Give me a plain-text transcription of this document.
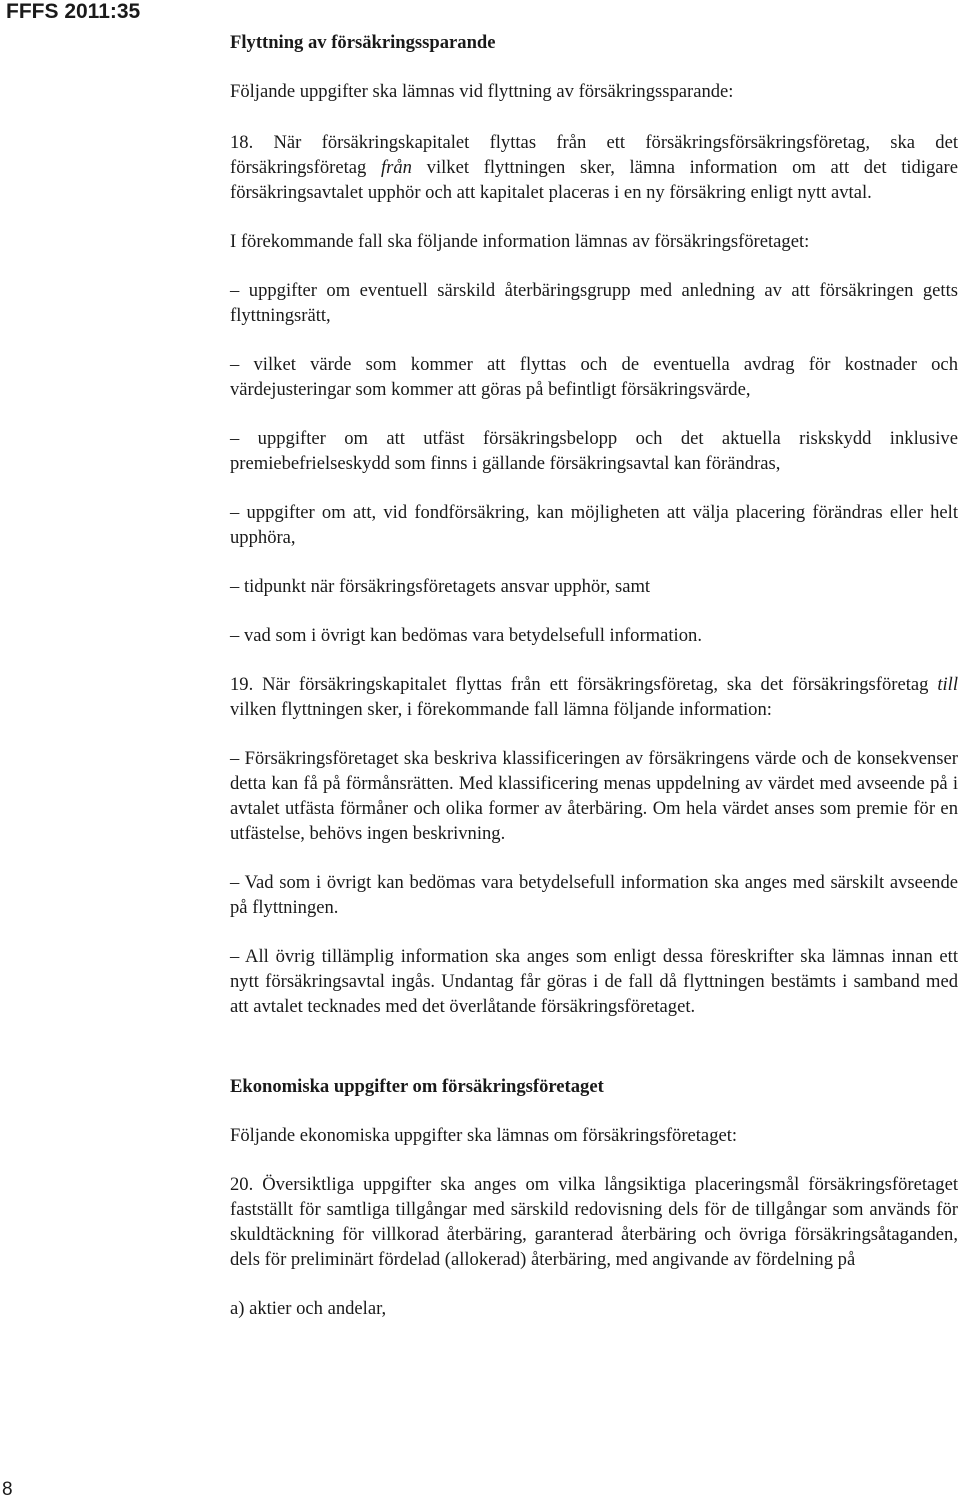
FFFS 2011:35

Flyttning av försäkringssparande

Följande uppgifter ska lämnas vid flyttning av försäkringssparande:

18. När försäkringskapitalet flyttas från ett försäkringsförsäkringsföretag, ska det försäkringsföretag från vilket flyttningen sker, lämna information om att det tidigare försäkringsavtalet upphör och att kapitalet placeras i en ny försäkring enligt nytt avtal.

I förekommande fall ska följande information lämnas av försäkringsföretaget:

– uppgifter om eventuell särskild återbäringsgrupp med anledning av att försäkringen getts flyttningsrätt,

– vilket värde som kommer att flyttas och de eventuella avdrag för kostnader och värdejusteringar som kommer att göras på befintligt försäkringsvärde,

– uppgifter om att utfäst försäkringsbelopp och det aktuella riskskydd inklusive premiebefrielseskydd som finns i gällande försäkringsavtal kan förändras,

– uppgifter om att, vid fondförsäkring, kan möjligheten att välja placering förändras eller helt upphöra,

– tidpunkt när försäkringsföretagets ansvar upphör, samt

– vad som i övrigt kan bedömas vara betydelsefull information.

19. När försäkringskapitalet flyttas från ett försäkringsföretag, ska det försäkringsföretag till vilken flyttningen sker, i förekommande fall lämna följande information:

– Försäkringsföretaget ska beskriva klassificeringen av försäkringens värde och de konsekvenser detta kan få på förmånsrätten. Med klassificering menas uppdelning av värdet med avseende på i avtalet utfästa förmåner och olika former av återbäring. Om hela värdet anses som premie för en utfästelse, behövs ingen beskrivning.

– Vad som i övrigt kan bedömas vara betydelsefull information ska anges med särskilt avseende på flyttningen.

– All övrig tillämplig information ska anges som enligt dessa föreskrifter ska lämnas innan ett nytt försäkringsavtal ingås. Undantag får göras i de fall då flyttningen bestämts i samband med att avtalet tecknades med det överlåtande försäkringsföretaget.

Ekonomiska uppgifter om försäkringsföretaget

Följande ekonomiska uppgifter ska lämnas om försäkringsföretaget:

20. Översiktliga uppgifter ska anges om vilka långsiktiga placeringsmål försäkringsföretaget fastställt för samtliga tillgångar med särskild redovisning dels för de tillgångar som används för skuldtäckning för villkorad återbäring, garanterad återbäring och övriga försäkringsåtaganden, dels för preliminärt fördelad (allokerad) återbäring, med angivande av fördelning på

a) aktier och andelar,

8
